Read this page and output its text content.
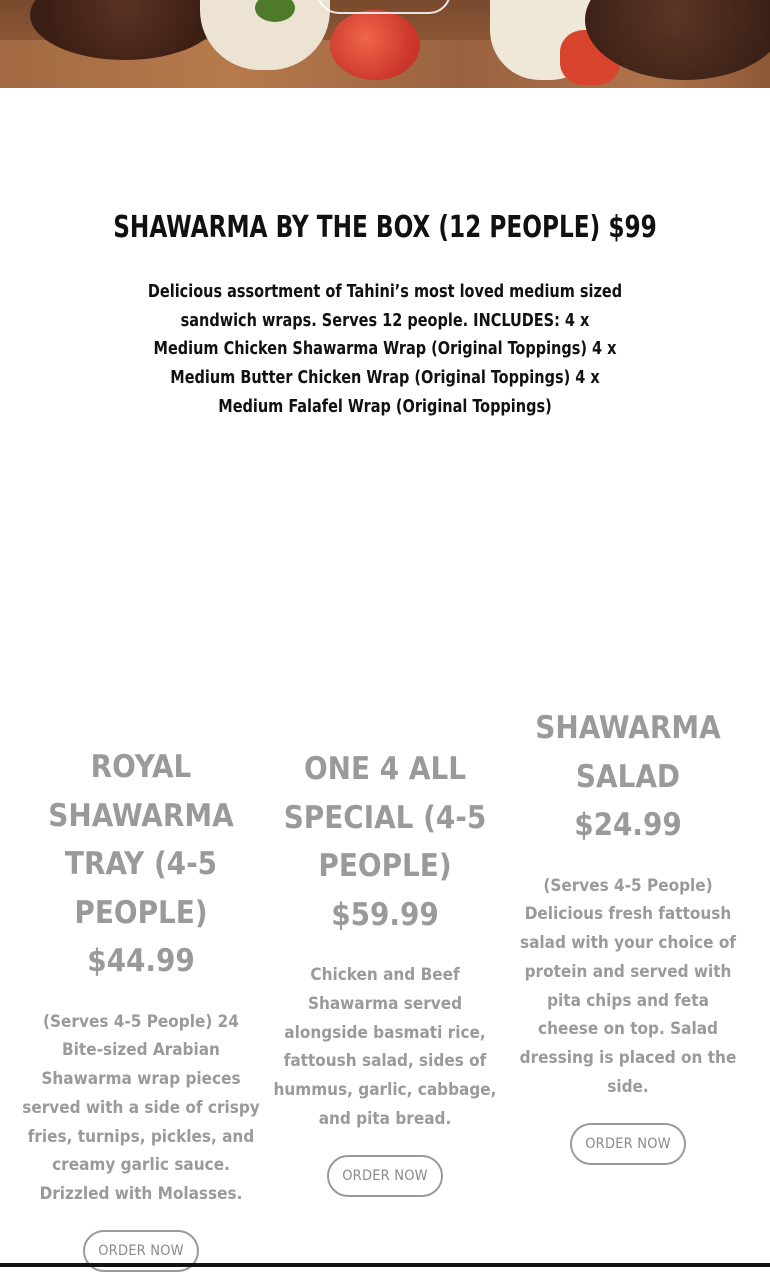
SHAWARMA BY THE BOX (12 PEOPLE) $99
Delicious assortment of Tahini’s most loved medium sized sandwich wraps. Serves 12 people. INCLUDES: 4 x Medium Chicken Shawarma Wrap (Original Toppings) 4 x Medium Butter Chicken Wrap (Original Toppings) 4 x Medium Falafel Wrap (Original Toppings)
ROYAL SHAWARMA TRAY (4-5 PEOPLE) $44.99
(Serves 4-5 People) 24 Bite-sized Arabian Shawarma wrap pieces served with a side of crispy fries, turnips, pickles, and creamy garlic sauce. Drizzled with Molasses.
ORDER NOW
ONE 4 ALL SPECIAL (4-5 PEOPLE) $59.99
Chicken and Beef Shawarma served alongside basmati rice, fattoush salad, sides of hummus, garlic, cabbage, and pita bread.
ORDER NOW
SHAWARMA SALAD $24.99
(Serves 4-5 People) Delicious fresh fattoush salad with your choice of protein and served with pita chips and feta cheese on top. Salad dressing is placed on the side.
ORDER NOW
